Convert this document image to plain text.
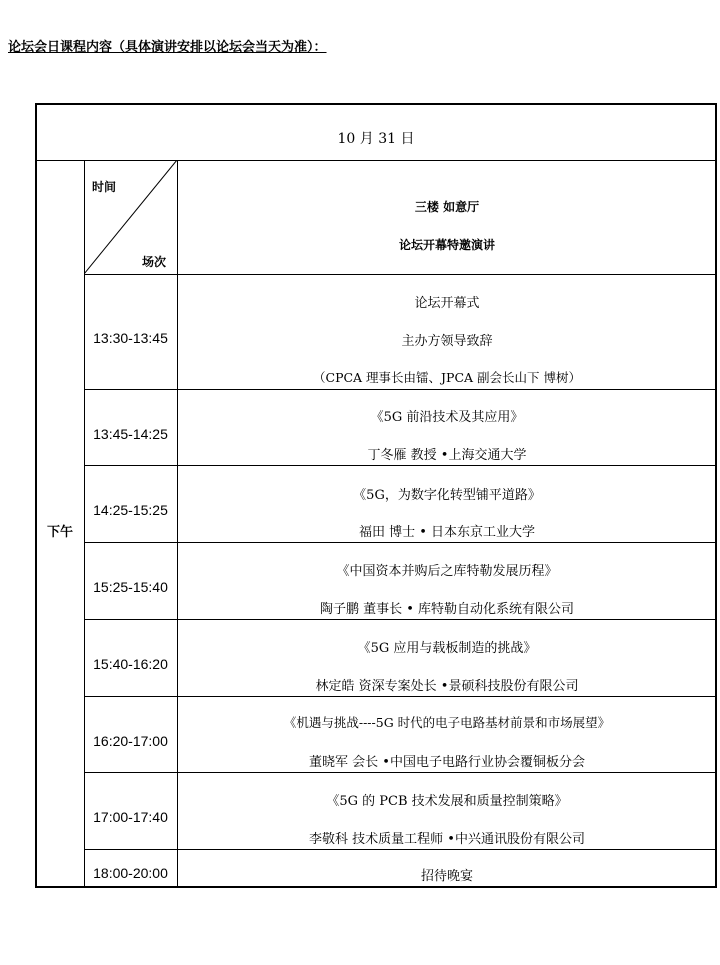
论坛会日课程内容（具体演讲安排以论坛会当天为准）：
10 月 31 日
下午
时间
场次
三楼 如意厅
论坛开幕特邀演讲
13:30-13:45
论坛开幕式
主办方领导致辞
（CPCA 理事长由镭、JPCA 副会长山下 博树）
13:45-14:25
《5G 前沿技术及其应用》
丁冬雁 教授 •上海交通大学
14:25-15:25
《5G，为数字化转型铺平道路》
福田 博士 • 日本东京工业大学
15:25-15:40
《中国资本并购后之库特勒发展历程》
陶子鹏 董事长 • 库特勒自动化系统有限公司
15:40-16:20
《5G 应用与载板制造的挑战》
林定皓 资深专案处长 •景硕科技股份有限公司
16:20-17:00
《机遇与挑战----5G 时代的电子电路基材前景和市场展望》
董晓军 会长 •中国电子电路行业协会覆铜板分会
17:00-17:40
《5G 的 PCB 技术发展和质量控制策略》
李敬科 技术质量工程师 •中兴通讯股份有限公司
18:00-20:00	招待晚宴
